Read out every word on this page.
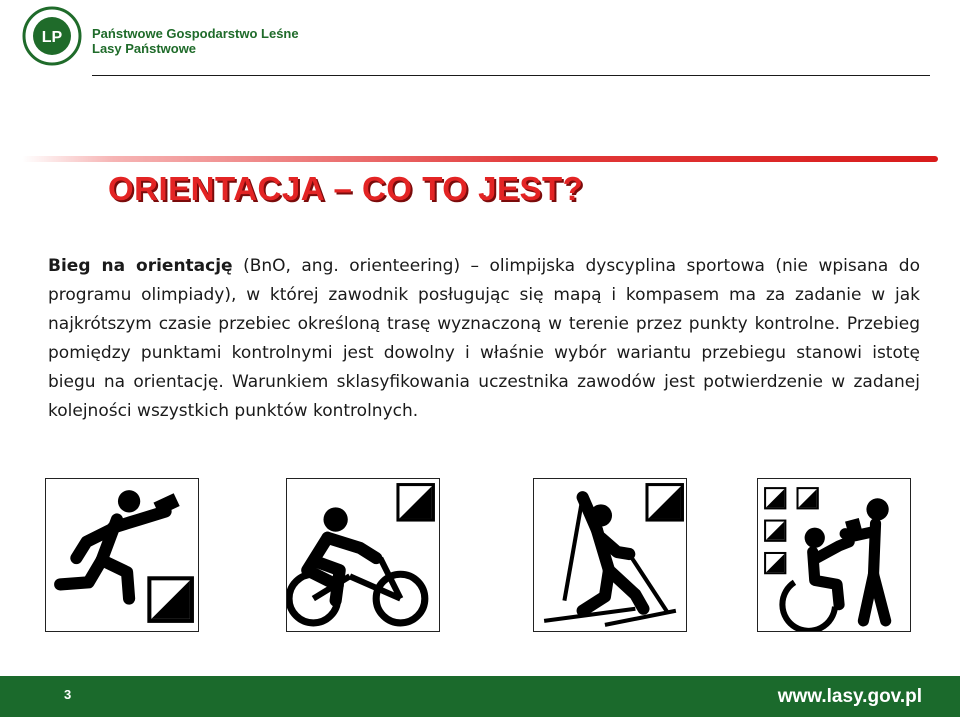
LP Państwowe Gospodarstwo Leśne
Lasy Państwowe
ORIENTACJA – CO TO JEST?

Bieg na orientację (BnO, ang. orienteering) – olimpijska dyscyplina sportowa (nie wpisana do programu olimpiady), w której zawodnik posługując się mapą i kompasem ma za zadanie w jak najkrótszym czasie przebiec określoną trasę wyznaczoną w terenie przez punkty kontrolne. Przebieg pomiędzy punktami kontrolnymi jest dowolny i właśnie wybór wariantu przebiegu stanowi istotę biegu na orientację. Warunkiem sklasyfikowania uczestnika zawodów jest potwierdzenie w zadanej kolejności wszystkich punktów kontrolnych.

3	www.lasy.gov.pl
